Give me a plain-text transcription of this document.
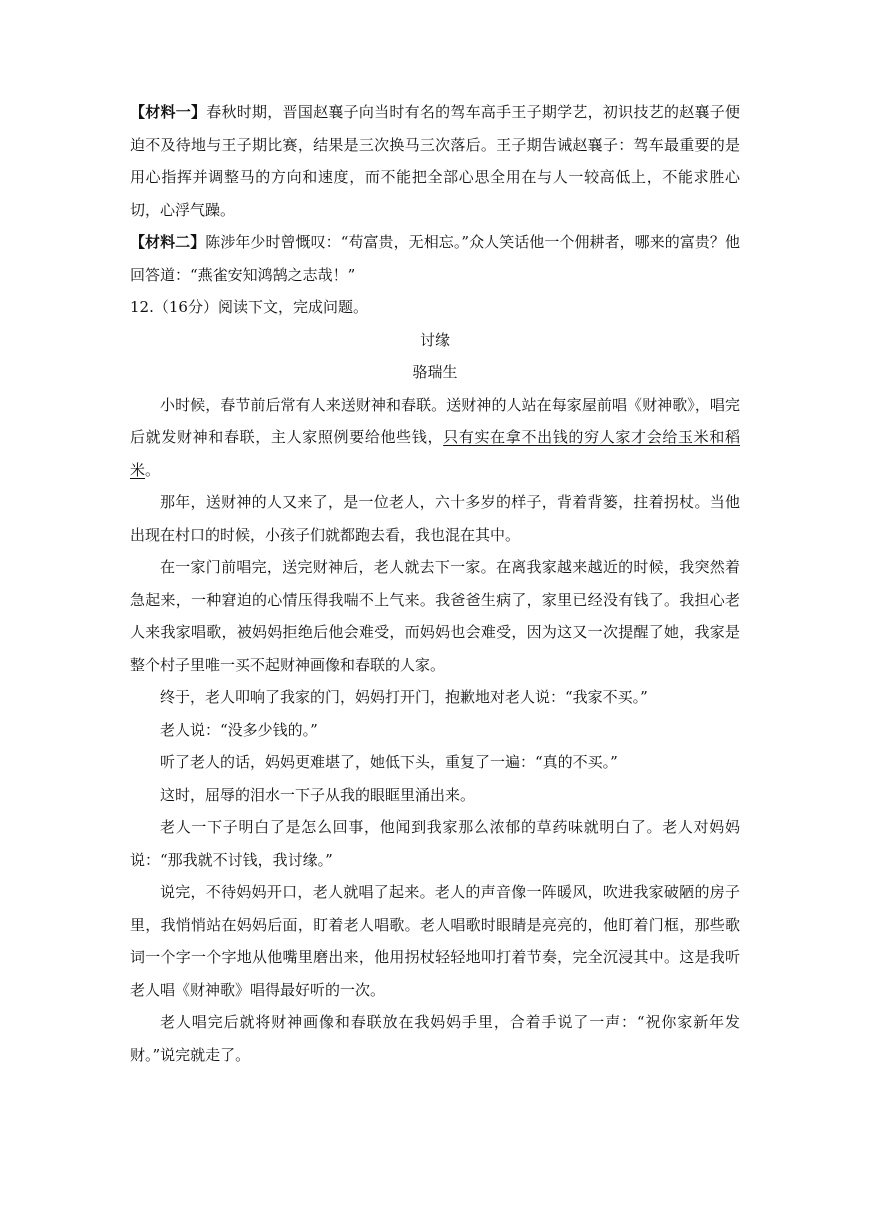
【材料一】春秋时期，晋国赵襄子向当时有名的驾车高手王子期学艺，初识技艺的赵襄子便迫不及待地与王子期比赛，结果是三次换马三次落后。王子期告诫赵襄子：驾车最重要的是用心指挥并调整马的方向和速度，而不能把全部心思全用在与人一较高低上，不能求胜心切，心浮气躁。

【材料二】陈涉年少时曾慨叹：“苟富贵，无相忘。”众人笑话他一个佣耕者，哪来的富贵？他回答道：“燕雀安知鸿鹄之志哉！”

12.（16分）阅读下文，完成问题。

讨缘

骆瑞生

小时候，春节前后常有人来送财神和春联。送财神的人站在每家屋前唱《财神歌》，唱完后就发财神和春联，主人家照例要给他些钱，只有实在拿不出钱的穷人家才会给玉米和稻米。

那年，送财神的人又来了，是一位老人，六十多岁的样子，背着背篓，拄着拐杖。当他出现在村口的时候，小孩子们就都跑去看，我也混在其中。

在一家门前唱完，送完财神后，老人就去下一家。在离我家越来越近的时候，我突然着急起来，一种窘迫的心情压得我喘不上气来。我爸爸生病了，家里已经没有钱了。我担心老人来我家唱歌，被妈妈拒绝后他会难受，而妈妈也会难受，因为这又一次提醒了她，我家是整个村子里唯一买不起财神画像和春联的人家。

终于，老人叩响了我家的门，妈妈打开门，抱歉地对老人说：“我家不买。”

老人说：“没多少钱的。”

听了老人的话，妈妈更难堪了，她低下头，重复了一遍：“真的不买。”

这时，屈辱的泪水一下子从我的眼眶里涌出来。

老人一下子明白了是怎么回事，他闻到我家那么浓郁的草药味就明白了。老人对妈妈说：“那我就不讨钱，我讨缘。”

说完，不待妈妈开口，老人就唱了起来。老人的声音像一阵暖风，吹进我家破陋的房子里，我悄悄站在妈妈后面，盯着老人唱歌。老人唱歌时眼睛是亮亮的，他盯着门框，那些歌词一个字一个字地从他嘴里磨出来，他用拐杖轻轻地叩打着节奏，完全沉浸其中。这是我听老人唱《财神歌》唱得最好听的一次。

老人唱完后就将财神画像和春联放在我妈妈手里，合着手说了一声：“祝你家新年发财。”说完就走了。
